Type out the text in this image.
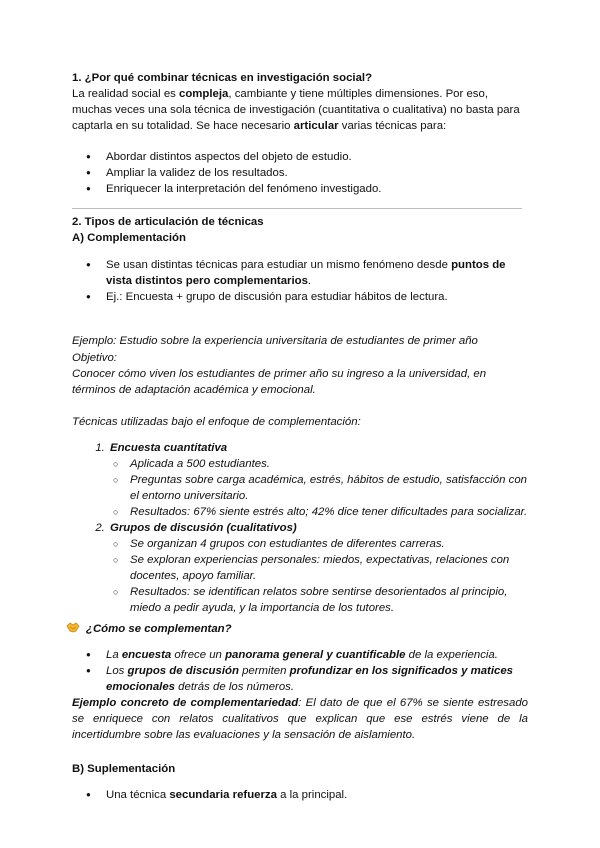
1. ¿Por qué combinar técnicas en investigación social?

La realidad social es compleja, cambiante y tiene múltiples dimensiones. Por eso, muchas veces una sola técnica de investigación (cuantitativa o cualitativa) no basta para captarla en su totalidad. Se hace necesario articular varias técnicas para:

● Abordar distintos aspectos del objeto de estudio.
● Ampliar la validez de los resultados.
● Enriquecer la interpretación del fenómeno investigado.

2. Tipos de articulación de técnicas

A) Complementación

● Se usan distintas técnicas para estudiar un mismo fenómeno desde puntos de vista distintos pero complementarios.
● Ej.: Encuesta + grupo de discusión para estudiar hábitos de lectura.

Ejemplo: Estudio sobre la experiencia universitaria de estudiantes de primer año

Objetivo:

Conocer cómo viven los estudiantes de primer año su ingreso a la universidad, en términos de adaptación académica y emocional.

Técnicas utilizadas bajo el enfoque de complementación:

1. Encuesta cuantitativa
○ Aplicada a 500 estudiantes.
○ Preguntas sobre carga académica, estrés, hábitos de estudio, satisfacción con el entorno universitario.
○ Resultados: 67% siente estrés alto; 42% dice tener dificultades para socializar.
2. Grupos de discusión (cualitativos)
○ Se organizan 4 grupos con estudiantes de diferentes carreras.
○ Se exploran experiencias personales: miedos, expectativas, relaciones con docentes, apoyo familiar.
○ Resultados: se identifican relatos sobre sentirse desorientados al principio, miedo a pedir ayuda, y la importancia de los tutores.

¿Cómo se complementan?

● La encuesta ofrece un panorama general y cuantificable de la experiencia.
● Los grupos de discusión permiten profundizar en los significados y matices emocionales detrás de los números.

Ejemplo concreto de complementariedad: El dato de que el 67% se siente estresado se enriquece con relatos cualitativos que explican que ese estrés viene de la incertidumbre sobre las evaluaciones y la sensación de aislamiento.

B) Suplementación

● Una técnica secundaria refuerza a la principal.
